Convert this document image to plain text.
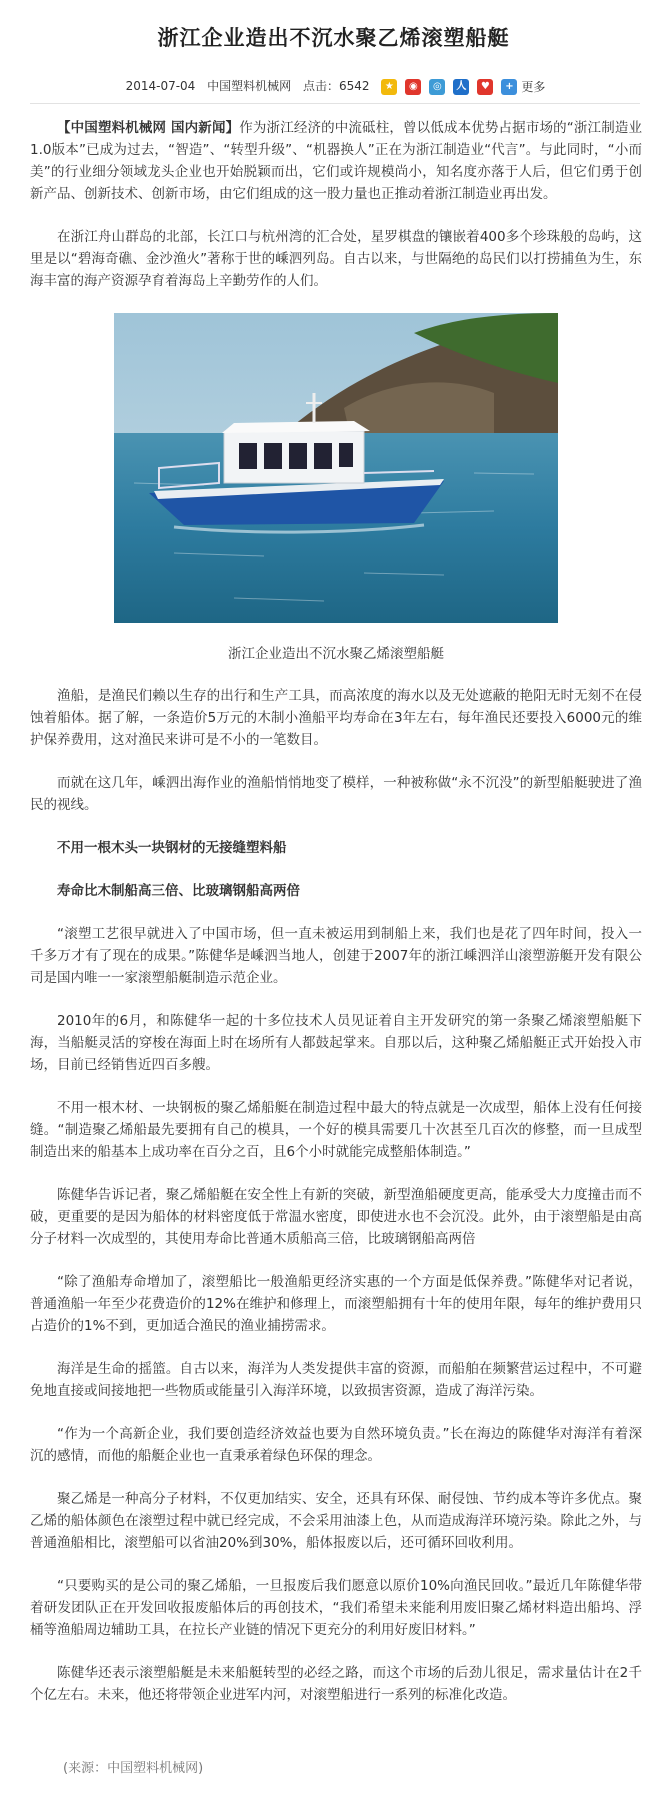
浙江企业造出不沉水聚乙烯滚塑船艇
2014-07-04 中国塑料机械网 点击：6542 ★ ◉ ◎ 人 ♥ + 更多

【中国塑料机械网 国内新闻】作为浙江经济的中流砥柱，曾以低成本优势占据市场的“浙江制造业1.0版本”已成为过去，“智造”、“转型升级”、“机器换人”正在为浙江制造业“代言”。与此同时，“小而美”的行业细分领域龙头企业也开始脱颖而出，它们或许规模尚小，知名度亦落于人后，但它们勇于创新产品、创新技术、创新市场，由它们组成的这一股力量也正推动着浙江制造业再出发。

在浙江舟山群岛的北部，长江口与杭州湾的汇合处，星罗棋盘的镶嵌着400多个珍珠般的岛屿，这里是以“碧海奇礁、金沙渔火”著称于世的嵊泗列岛。自古以来，与世隔绝的岛民们以打捞捕鱼为生，东海丰富的海产资源孕育着海岛上辛勤劳作的人们。

浙江企业造出不沉水聚乙烯滚塑船艇

渔船，是渔民们赖以生存的出行和生产工具，而高浓度的海水以及无处遮蔽的艳阳无时无刻不在侵蚀着船体。据了解，一条造价5万元的木制小渔船平均寿命在3年左右，每年渔民还要投入6000元的维护保养费用，这对渔民来讲可是不小的一笔数目。

而就在这几年，嵊泗出海作业的渔船悄悄地变了模样，一种被称做“永不沉没”的新型船艇驶进了渔民的视线。

不用一根木头一块钢材的无接缝塑料船

寿命比木制船高三倍、比玻璃钢船高两倍

“滚塑工艺很早就进入了中国市场，但一直未被运用到制船上来，我们也是花了四年时间，投入一千多万才有了现在的成果。”陈健华是嵊泗当地人，创建于2007年的浙江嵊泗洋山滚塑游艇开发有限公司是国内唯一一家滚塑船艇制造示范企业。

2010年的6月，和陈健华一起的十多位技术人员见证着自主开发研究的第一条聚乙烯滚塑船艇下海，当船艇灵活的穿梭在海面上时在场所有人都鼓起掌来。自那以后，这种聚乙烯船艇正式开始投入市场，目前已经销售近四百多艘。

不用一根木材、一块钢板的聚乙烯船艇在制造过程中最大的特点就是一次成型，船体上没有任何接缝。“制造聚乙烯船最先要拥有自己的模具，一个好的模具需要几十次甚至几百次的修整，而一旦成型制造出来的船基本上成功率在百分之百，且6个小时就能完成整船体制造。”

陈健华告诉记者，聚乙烯船艇在安全性上有新的突破，新型渔船硬度更高，能承受大力度撞击而不破，更重要的是因为船体的材料密度低于常温水密度，即使进水也不会沉没。此外，由于滚塑船是由高分子材料一次成型的，其使用寿命比普通木质船高三倍，比玻璃钢船高两倍

“除了渔船寿命增加了，滚塑船比一般渔船更经济实惠的一个方面是低保养费。”陈健华对记者说，普通渔船一年至少花费造价的12%在维护和修理上，而滚塑船拥有十年的使用年限，每年的维护费用只占造价的1%不到，更加适合渔民的渔业捕捞需求。

海洋是生命的摇篮。自古以来，海洋为人类发提供丰富的资源，而船舶在频繁营运过程中，不可避免地直接或间接地把一些物质或能量引入海洋环境，以致损害资源，造成了海洋污染。

“作为一个高新企业，我们要创造经济效益也要为自然环境负责。”长在海边的陈健华对海洋有着深沉的感情，而他的船艇企业也一直秉承着绿色环保的理念。

聚乙烯是一种高分子材料，不仅更加结实、安全，还具有环保、耐侵蚀、节约成本等许多优点。聚乙烯的船体颜色在滚塑过程中就已经完成，不会采用油漆上色，从而造成海洋环境污染。除此之外，与普通渔船相比，滚塑船可以省油20%到30%，船体报废以后，还可循环回收利用。

“只要购买的是公司的聚乙烯船，一旦报废后我们愿意以原价10%向渔民回收。”最近几年陈健华带着研发团队正在开发回收报废船体后的再创技术，“我们希望未来能利用废旧聚乙烯材料造出船坞、浮桶等渔船周边辅助工具，在拉长产业链的情况下更充分的利用好废旧材料。”

陈健华还表示滚塑船艇是未来船艇转型的必经之路，而这个市场的后劲儿很足，需求量估计在2千个亿左右。未来，他还将带领企业进军内河，对滚塑船进行一系列的标准化改造。

(来源：中国塑料机械网)
